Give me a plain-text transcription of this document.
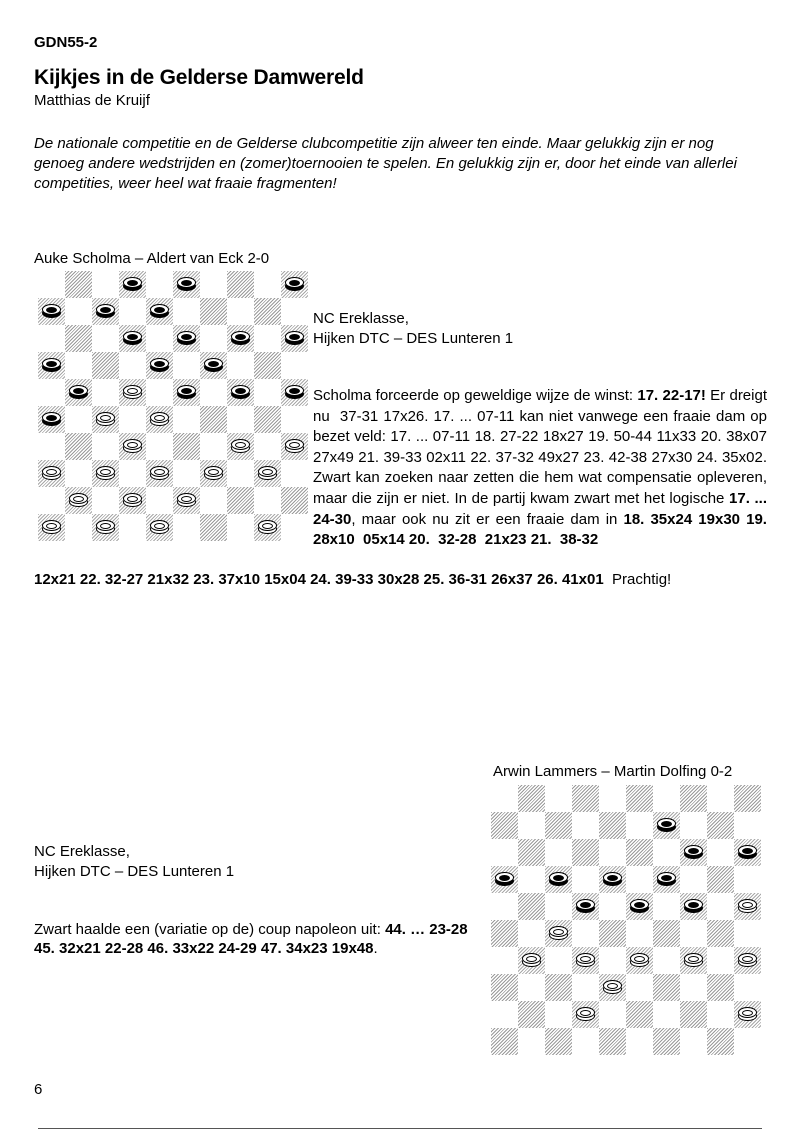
GDN55-2
Kijkjes in de Gelderse Damwereld
Matthias de Kruijf
De nationale competitie en de Gelderse clubcompetitie zijn alweer ten einde. Maar gelukkig zijn er nog genoeg andere wedstrijden en (zomer)toernooien te spelen. En gelukkig zijn er, door het einde van allerlei competities, weer heel wat fraaie fragmenten!
Auke Scholma – Aldert van Eck 2-0
NC Ereklasse,
Hijken DTC – DES Lunteren 1
Scholma forceerde op geweldige wijze de winst: 17. 22-17! Er dreigt nu  37-31 17x26. 17. ... 07-11 kan niet vanwege een fraaie dam op bezet veld: 17. ... 07-11 18. 27-22 18x27 19. 50-44 11x33 20. 38x07 27x49 21. 39-33 02x11 22. 37-32 49x27 23. 42-38 27x30 24. 35x02. Zwart kan zoeken naar zetten die hem wat compensatie opleveren, maar die zijn er niet. In de partij kwam zwart met het logische 17. ... 24-30, maar ook nu zit er een fraaie dam in 18. 35x24 19x30 19.  28x10  05x14 20.  32-28  21x23 21.  38-32
12x21 22. 32-27 21x32 23. 37x10 15x04 24. 39-33 30x28 25. 36-31 26x37 26. 41x01  Prachtig!
Arwin Lammers – Martin Dolfing 0-2
NC Ereklasse,
Hijken DTC – DES Lunteren 1
Zwart haalde een (variatie op de) coup napoleon uit: 44. … 23-28 45. 32x21 22-28 46. 33x22 24-29 47. 34x23 19x48.
6
